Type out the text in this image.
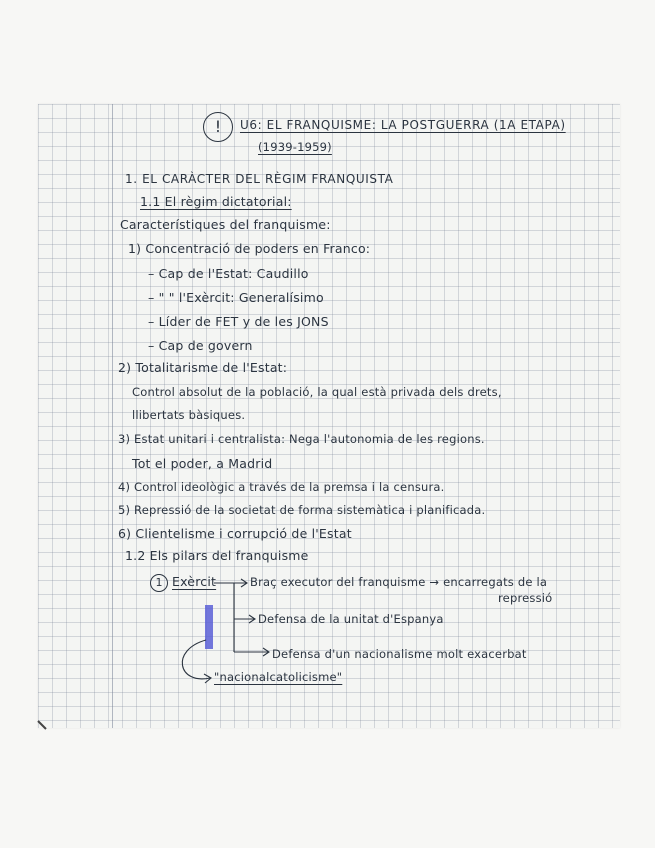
!	U6: EL FRANQUISME: LA POSTGUERRA (1A ETAPA)
(1939-1959)
1. EL CARÀCTER DEL RÈGIM FRANQUISTA
1.1 El règim dictatorial:
Característiques del franquisme:
1) Concentració de poders en Franco:
– Cap de l'Estat: Caudillo
– " " l'Exèrcit: Generalísimo
– Líder de FET y de les JONS
– Cap de govern
2) Totalitarisme de l'Estat:
Control absolut de la població, la qual està privada dels drets,
llibertats bàsiques.
3) Estat unitari i centralista: Nega l'autonomia de les regions.
Tot el poder, a Madrid
4) Control ideològic a través de la premsa i la censura.
5) Repressió de la societat de forma sistemàtica i planificada.
6) Clientelisme i corrupció de l'Estat
1.2 Els pilars del franquisme
1 Exèrcit	Braç executor del franquisme → encarregats de la
repressió
Defensa de la unitat d'Espanya
Defensa d'un nacionalisme molt exacerbat
"nacionalcatolicisme"
